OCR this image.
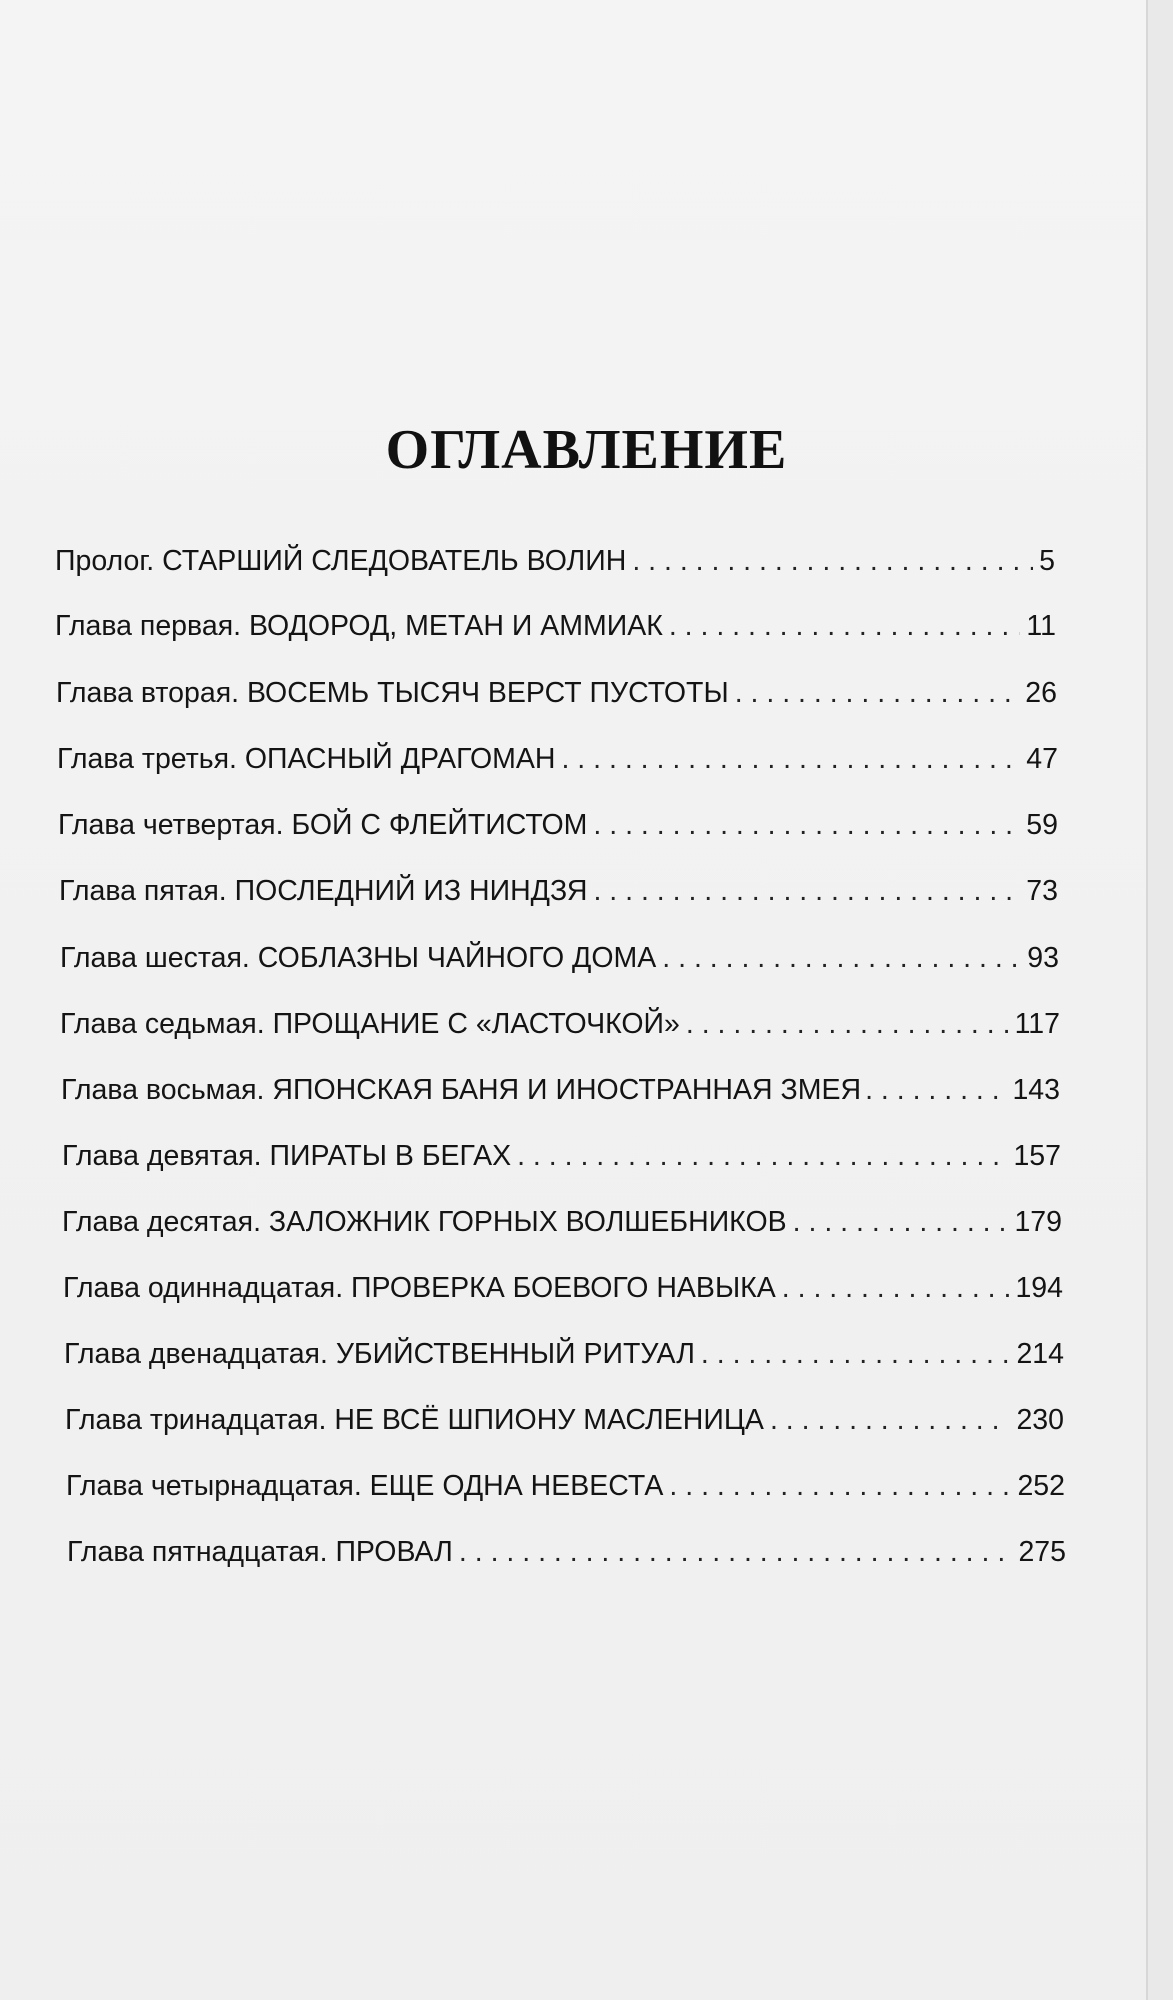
ОГЛАВЛЕНИЕ
Пролог. СТАРШИЙ СЛЕДОВАТЕЛЬ ВОЛИН . . .	5
Глава первая. ВОДОРОД, МЕТАН И АММИАК . . .	11
Глава вторая. ВОСЕМЬ ТЫСЯЧ ВЕРСТ ПУСТОТЫ . . .	26
Глава третья. ОПАСНЫЙ ДРАГОМАН . . .	47
Глава четвертая. БОЙ С ФЛЕЙТИСТОМ . . .	59
Глава пятая. ПОСЛЕДНИЙ ИЗ НИНДЗЯ . . .	73
Глава шестая. СОБЛАЗНЫ ЧАЙНОГО ДОМА . . .	93
Глава седьмая. ПРОЩАНИЕ С «ЛАСТОЧКОЙ» . . .	117
Глава восьмая. ЯПОНСКАЯ БАНЯ И ИНОСТРАННАЯ ЗМЕЯ . . .	143
Глава девятая. ПИРАТЫ В БЕГАХ . . .	157
Глава десятая. ЗАЛОЖНИК ГОРНЫХ ВОЛШЕБНИКОВ . . .	179
Глава одиннадцатая. ПРОВЕРКА БОЕВОГО НАВЫКА . . .	194
Глава двенадцатая. УБИЙСТВЕННЫЙ РИТУАЛ . . .	214
Глава тринадцатая. НЕ ВСЁ ШПИОНУ МАСЛЕНИЦА . . .	230
Глава четырнадцатая. ЕЩЕ ОДНА НЕВЕСТА . . .	252
Глава пятнадцатая. ПРОВАЛ . . .	275
